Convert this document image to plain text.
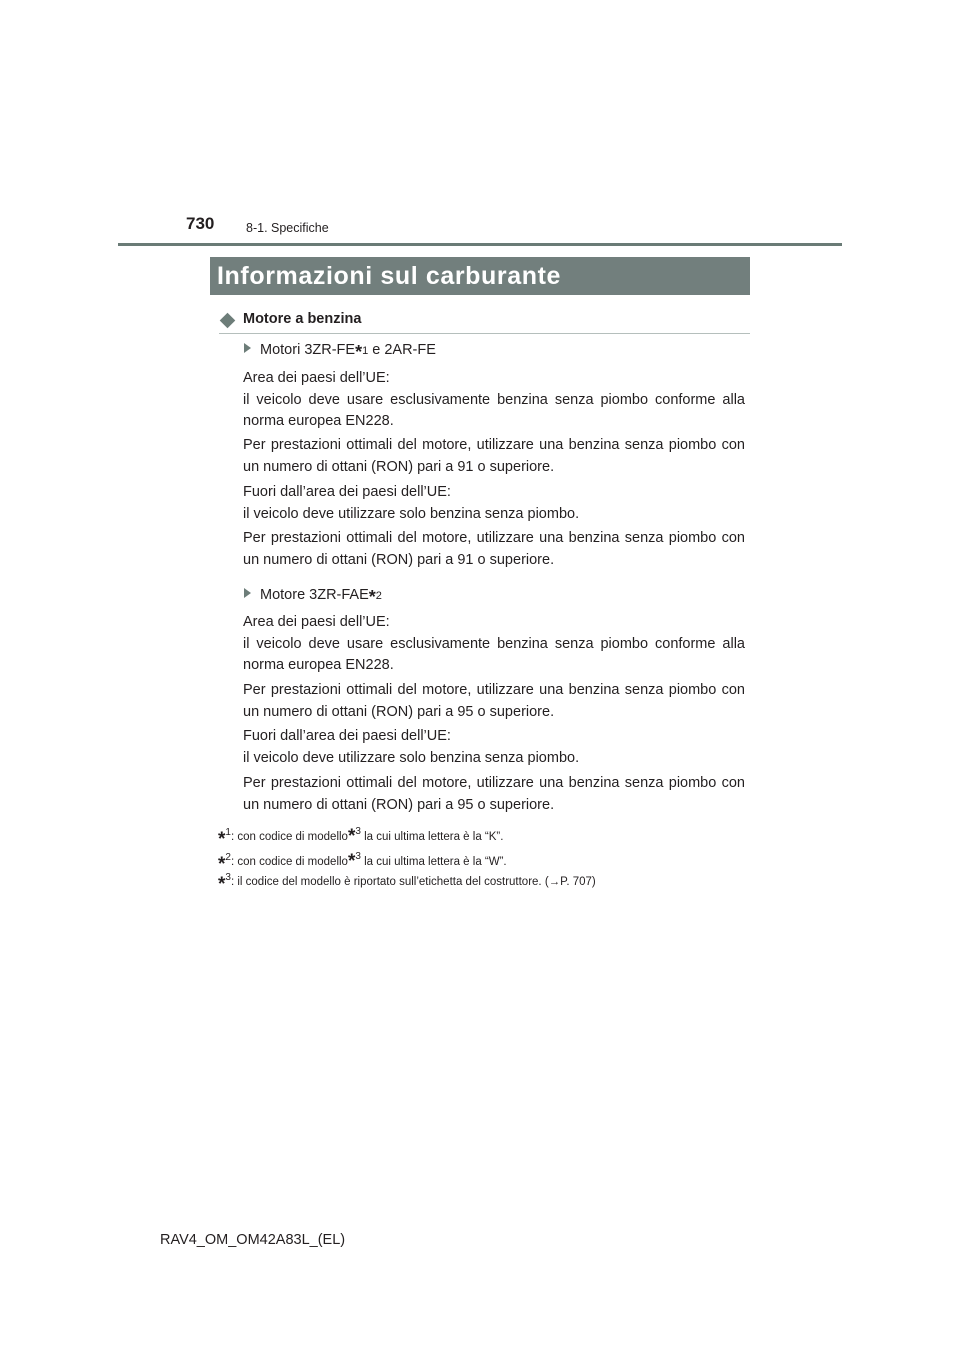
730	8-1. Specifiche
Informazioni sul carburante
Motore a benzina
Motori 3ZR-FE *1 e 2AR-FE

Area dei paesi dell’UE:
il veicolo deve usare esclusivamente benzina senza piombo conforme alla norma europea EN228.

Per prestazioni ottimali del motore, utilizzare una benzina senza piombo con un numero di ottani (RON) pari a 91 o superiore.

Fuori dall’area dei paesi dell’UE:
il veicolo deve utilizzare solo benzina senza piombo.

Per prestazioni ottimali del motore, utilizzare una benzina senza piombo con un numero di ottani (RON) pari a 91 o superiore.

Motore 3ZR-FAE *2

Area dei paesi dell’UE:
il veicolo deve usare esclusivamente benzina senza piombo conforme alla norma europea EN228.

Per prestazioni ottimali del motore, utilizzare una benzina senza piombo con un numero di ottani (RON) pari a 95 o superiore.

Fuori dall’area dei paesi dell’UE:
il veicolo deve utilizzare solo benzina senza piombo.

Per prestazioni ottimali del motore, utilizzare una benzina senza piombo con un numero di ottani (RON) pari a 95 o superiore.

*1: con codice di modello$^{*3}$ la cui ultima lettera è la “K”.
*2: con codice di modello$^{*3}$ la cui ultima lettera è la “W”.
*3: il codice del modello è riportato sull’etichetta del costruttore. (→P. 707)
RAV4_OM_OM42A83L_(EL)
